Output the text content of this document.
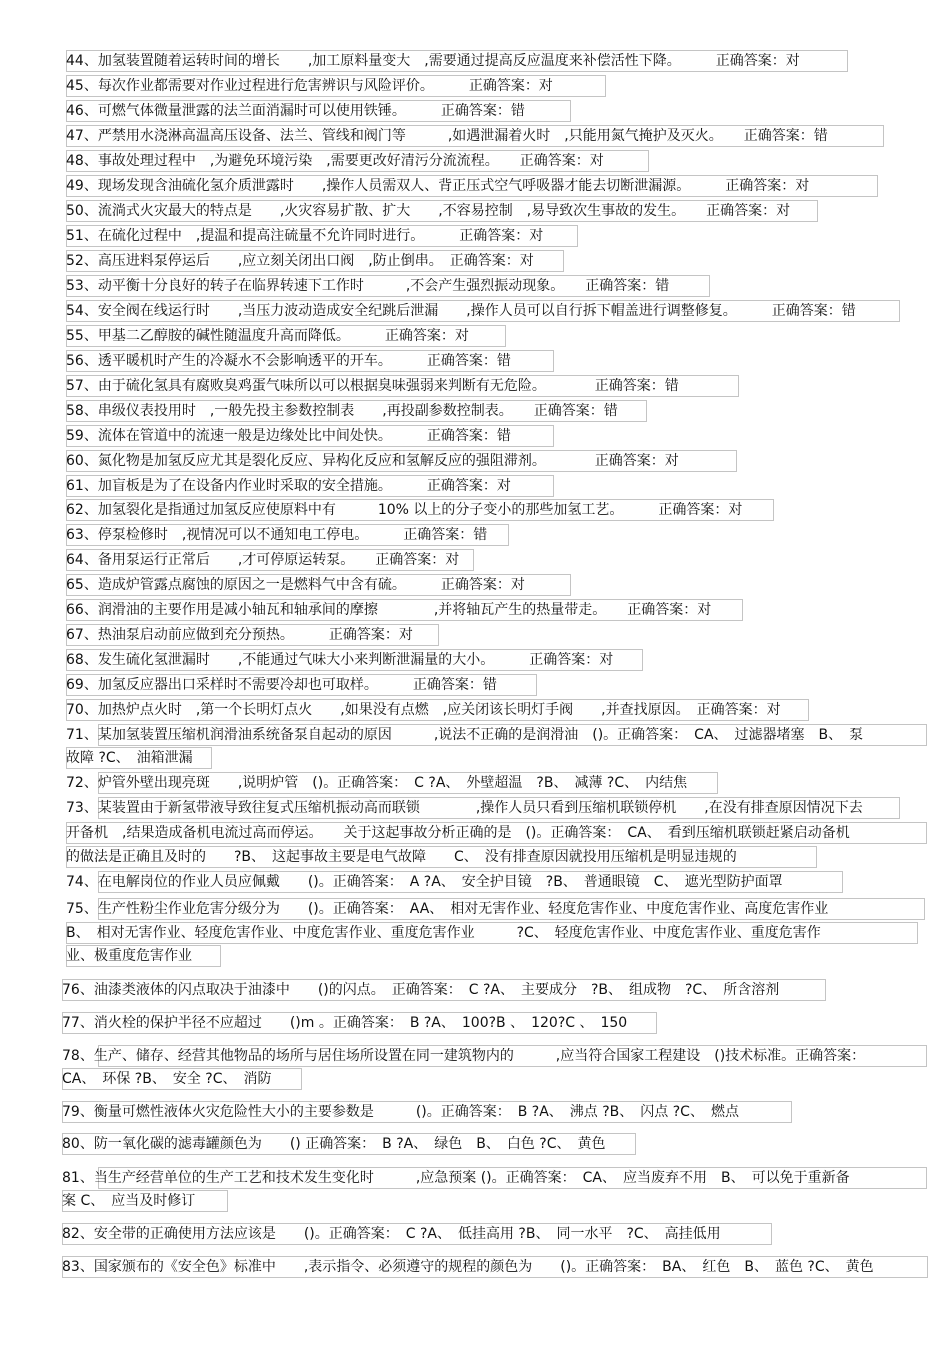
44、加氢装置随着运转时间的增长　　,加工原料量变大　,需要通过提高反应温度来补偿活性下降。　　　正确答案：对
45、每次作业都需要对作业过程进行危害辨识与风险评价。　　　正确答案：对
46、可燃气体微量泄露的法兰面消漏时可以使用铁锤。　　　正确答案：错
47、严禁用水浇淋高温高压设备、法兰、管线和阀门等　　　,如遇泄漏着火时　,只能用氮气掩护及灭火。　　正确答案：错
48、事故处理过程中　,为避免环境污染　,需要更改好清污分流流程。　　正确答案：对
49、现场发现含油硫化氢介质泄露时　　,操作人员需双人、背正压式空气呼吸器才能去切断泄漏源。　　　正确答案：对
50、流淌式火灾最大的特点是　　,火灾容易扩散、扩大　　,不容易控制　,易导致次生事故的发生。　　正确答案：对
51、在硫化过程中　,提温和提高注硫量不允许同时进行。　　　正确答案：对
52、高压进料泵停运后　　,应立刻关闭出口阀　,防止倒串。　正确答案：对
53、动平衡十分良好的转子在临界转速下工作时　　　,不会产生强烈振动现象。　　正确答案：错
54、安全阀在线运行时　　,当压力波动造成安全纪跳后泄漏　　,操作人员可以自行拆下帽盖进行调整修复。　　　正确答案：错
55、甲基二乙醇胺的碱性随温度升高而降低。　　　正确答案：对
56、透平暖机时产生的冷凝水不会影响透平的开车。　　　正确答案：错
57、由于硫化氢具有腐败臭鸡蛋气味所以可以根据臭味强弱来判断有无危险。　　　　正确答案：错
58、串级仪表投用时　,一般先投主参数控制表　　,再投副参数控制表。　　正确答案：错
59、流体在管道中的流速一般是边缘处比中间处快。　　　正确答案：错
60、氮化物是加氢反应尤其是裂化反应、异构化反应和氢解反应的强阻滞剂。　　　　正确答案：对
61、加盲板是为了在设备内作业时采取的安全措施。　　　正确答案：对
62、加氢裂化是指通过加氢反应使原料中有　　　10% 以上的分子变小的那些加氢工艺。　　　正确答案：对
63、停泵检修时　,视情况可以不通知电工停电。　　　正确答案：错
64、备用泵运行正常后　　,才可停原运转泵。　　正确答案：对
65、造成炉管露点腐蚀的原因之一是燃料气中含有硫。　　　正确答案：对
66、润滑油的主要作用是减小轴瓦和轴承间的摩擦　　　　,并将轴瓦产生的热量带走。　　正确答案：对
67、热油泵启动前应做到充分预热。　　　正确答案：对
68、发生硫化氢泄漏时　　,不能通过气味大小来判断泄漏量的大小。　　　正确答案：对
69、加氢反应器出口采样时不需要冷却也可取样。　　　正确答案：错
70、加热炉点火时　,第一个长明灯点火　　,如果没有点燃　,应关闭该长明灯手阀　　,并查找原因。　正确答案：对
71、某加氢装置压缩机润滑油系统备泵自起动的原因　　　,说法不正确的是润滑油　()。正确答案：　CA、　过滤器堵塞　B、　泵
故障 ?C、　油箱泄漏
72、炉管外壁出现亮斑　　,说明炉管　()。正确答案：　C ?A、　外壁超温　?B、　减薄 ?C、　内结焦
73、某装置由于新氢带液导致往复式压缩机振动高而联锁　　　　,操作人员只看到压缩机联锁停机　　,在没有排查原因情况下去
开备机　,结果造成备机电流过高而停运。　　关于这起事故分析正确的是　()。正确答案：　CA、　看到压缩机联锁赶紧启动备机
的做法是正确且及时的　　?B、　这起事故主要是电气故障　　C、　没有排查原因就投用压缩机是明显违规的
74、在电解岗位的作业人员应佩戴　　()。正确答案：　A ?A、　安全护目镜　?B、　普通眼镜　C、　遮光型防护面罩
75、生产性粉尘作业危害分级分为　　()。正确答案：　AA、　相对无害作业、轻度危害作业、中度危害作业、高度危害作业
B、　相对无害作业、轻度危害作业、中度危害作业、重度危害作业　　　?C、　轻度危害作业、中度危害作业、重度危害作
业、极重度危害作业
76、油漆类液体的闪点取决于油漆中　　()的闪点。　正确答案：　C ?A、　主要成分　?B、　组成物　?C、　所含溶剂
77、消火栓的保护半径不应超过　　()m 。正确答案：　B ?A、　100?B 、　120?C 、　150
78、生产、储存、经营其他物品的场所与居住场所设置在同一建筑物内的　　　,应当符合国家工程建设　()技术标准。正确答案：
CA、　环保 ?B、　安全 ?C、　消防
79、衡量可燃性液体火灾危险性大小的主要参数是　　　()。正确答案：　B ?A、　沸点 ?B、　闪点 ?C、　燃点
80、防一氧化碳的滤毒罐颜色为　　() 正确答案：　B ?A、　绿色　B、　白色 ?C、　黄色
81、当生产经营单位的生产工艺和技术发生变化时　　　,应急预案 ()。正确答案：　CA、　应当废弃不用　B、　可以免于重新备
案 C、　应当及时修订
82、安全带的正确使用方法应该是　　()。正确答案：　C ?A、　低挂高用 ?B、　同一水平　?C、　高挂低用
83、国家颁布的《安全色》标准中　　,表示指令、必须遵守的规程的颜色为　　()。正确答案：　BA、　红色　B、　蓝色 ?C、　黄色
